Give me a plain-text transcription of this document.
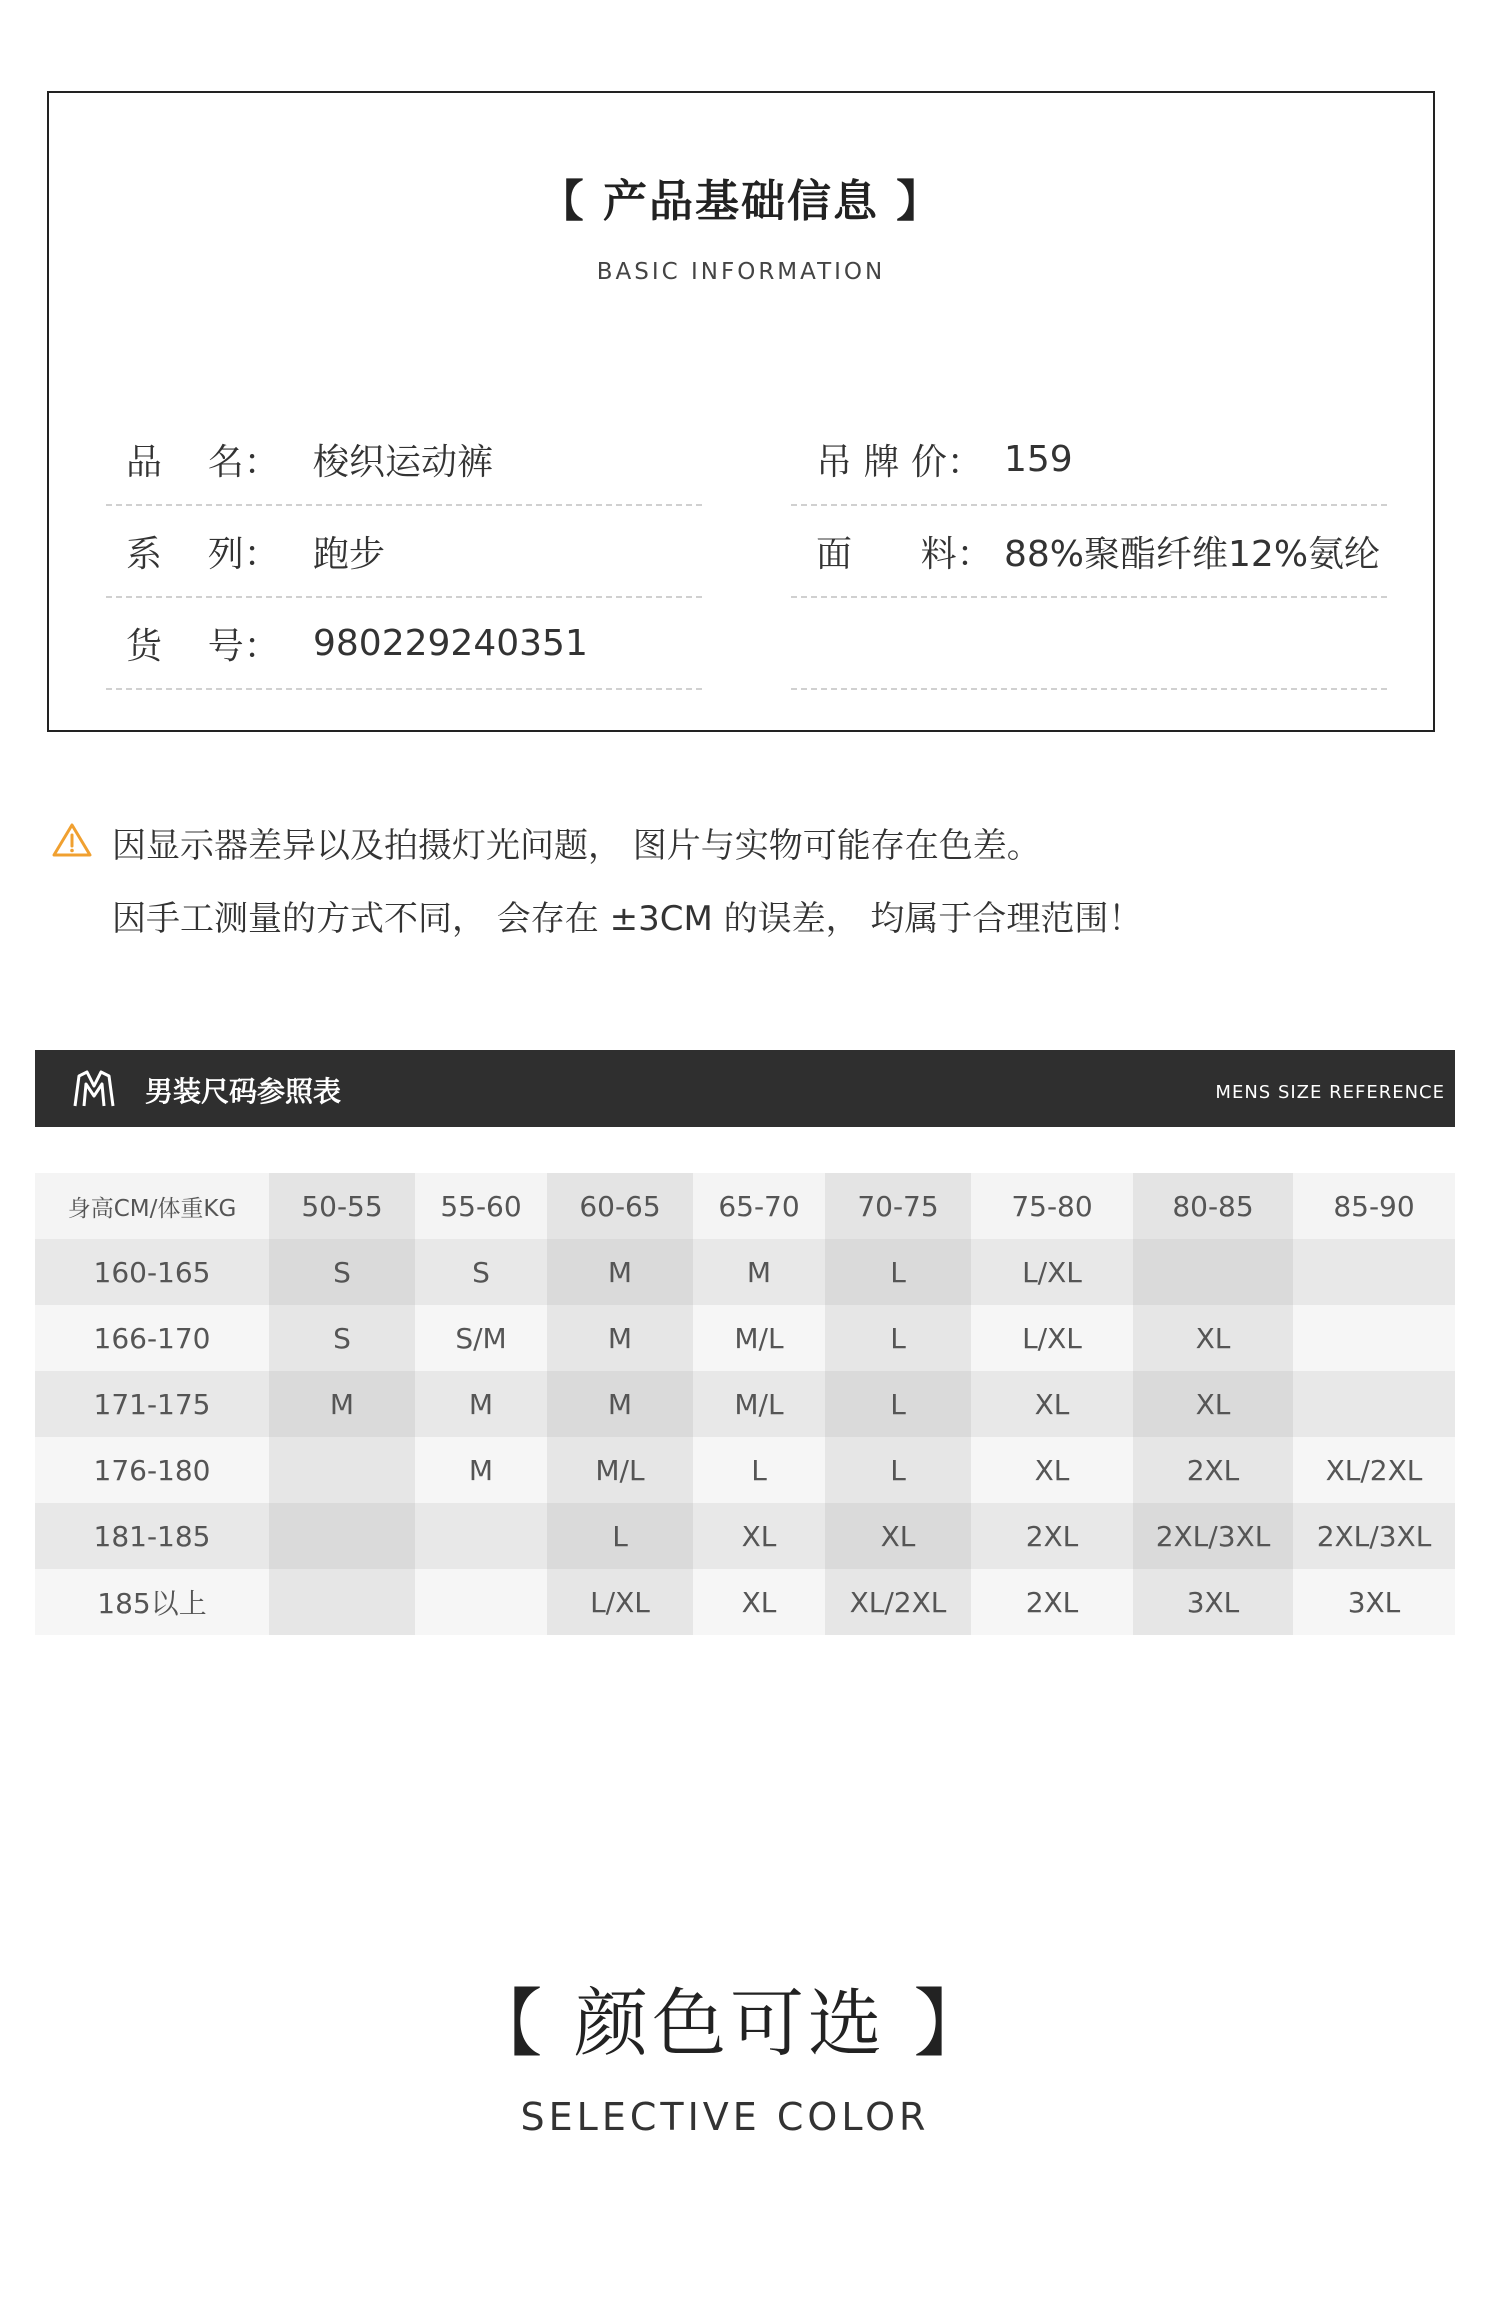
【 产品基础信息 】
BASIC INFORMATION
品    名： 梭织运动裤
系    列： 跑步
货    号： 980229240351
吊 牌 价： 159
面      料： 88%聚酯纤维12%氨纶
因显示器差异以及拍摄灯光问题， 图片与实物可能存在色差。
因手工测量的方式不同， 会存在 ±3CM 的误差， 均属于合理范围！
男装尺码参照表	MENS SIZE REFERENCE
身高CM/体重KG	50-55	55-60	60-65	65-70	70-75	75-80	80-85	85-90
160-165	S	S	M	M	L	L/XL		
166-170	S	S/M	M	M/L	L	L/XL	XL	
171-175	M	M	M	M/L	L	XL	XL	
176-180		M	M/L	L	L	XL	2XL	XL/2XL
181-185			L	XL	XL	2XL	2XL/3XL	2XL/3XL
185以上			L/XL	XL	XL/2XL	2XL	3XL	3XL
【 颜色可选 】
SELECTIVE COLOR
